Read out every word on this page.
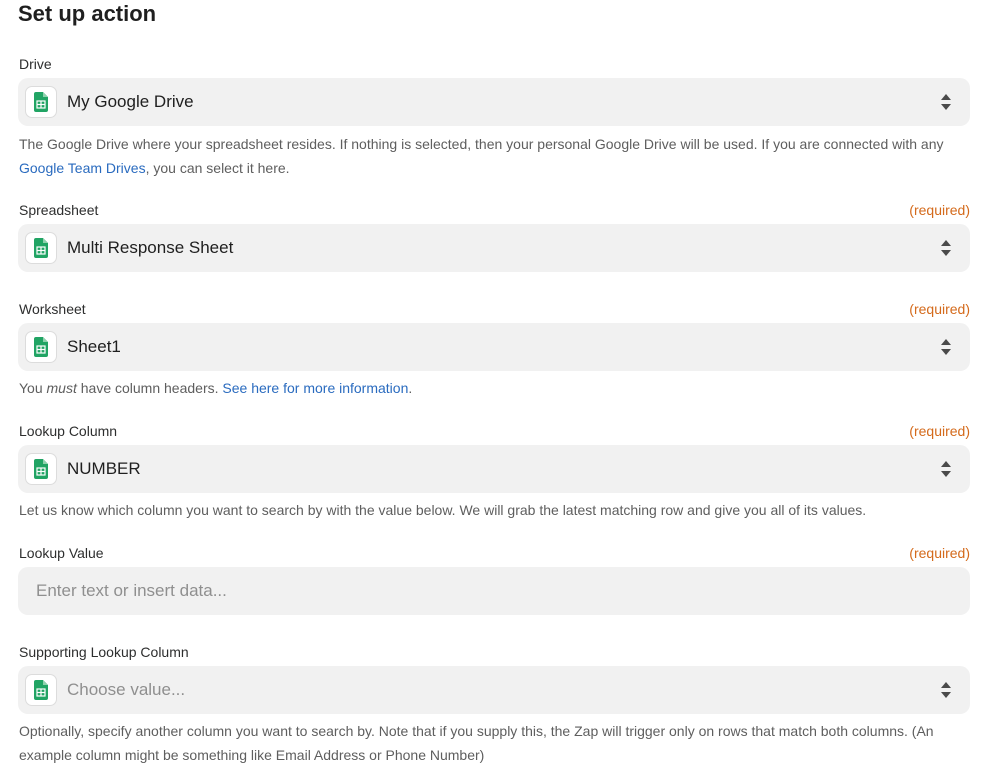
Set up action
Drive
My Google Drive
The Google Drive where your spreadsheet resides. If nothing is selected, then your personal Google Drive will be used. If you are connected with any Google Team Drives, you can select it here.
Spreadsheet	(required)
Multi Response Sheet
Worksheet	(required)
Sheet1
You must have column headers. See here for more information.
Lookup Column	(required)
NUMBER
Let us know which column you want to search by with the value below. We will grab the latest matching row and give you all of its values.
Lookup Value	(required)
Enter text or insert data...
Supporting Lookup Column
Choose value...
Optionally, specify another column you want to search by. Note that if you supply this, the Zap will trigger only on rows that match both columns. (An example column might be something like Email Address or Phone Number)
